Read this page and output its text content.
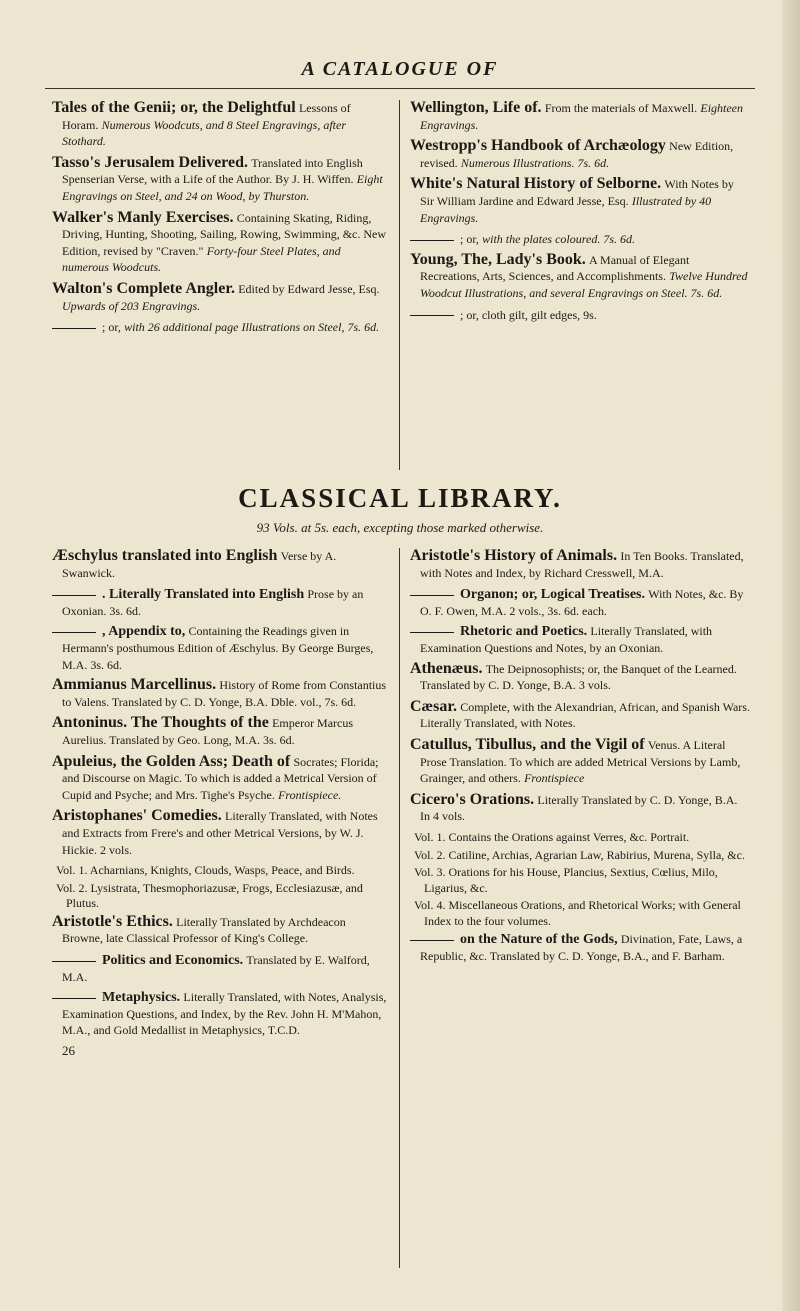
A CATALOGUE OF
Tales of the Genii; or, the Delightful Lessons of Horam. Numerous Woodcuts, and 8 Steel Engravings, after Stothard.
Tasso's Jerusalem Delivered. Translated into English Spenserian Verse, with a Life of the Author. By J. H. Wiffen. Eight Engravings on Steel, and 24 on Wood, by Thurston.
Walker's Manly Exercises. Containing Skating, Riding, Driving, Hunting, Shooting, Sailing, Rowing, Swimming, &c. New Edition, revised by "Craven." Forty-four Steel Plates, and numerous Woodcuts.
Walton's Complete Angler. Edited by Edward Jesse, Esq. Upwards of 203 Engravings.
; or, with 26 additional page Illustrations on Steel, 7s. 6d.
Wellington, Life of. From the materials of Maxwell. Eighteen Engravings.
Westropp's Handbook of Archæology New Edition, revised. Numerous Illustrations. 7s. 6d.
White's Natural History of Selborne. With Notes by Sir William Jardine and Edward Jesse, Esq. Illustrated by 40 Engravings.
; or, with the plates coloured. 7s. 6d.
Young, The, Lady's Book. A Manual of Elegant Recreations, Arts, Sciences, and Accomplishments. Twelve Hundred Woodcut Illustrations, and several Engravings on Steel. 7s. 6d.
; or, cloth gilt, gilt edges, 9s.
CLASSICAL LIBRARY.
93 Vols. at 5s. each, excepting those marked otherwise.
Æschylus translated into English Verse by A. Swanwick.
. Literally Translated into English Prose by an Oxonian. 3s. 6d.
, Appendix to, Containing the Readings given in Hermann's posthumous Edition of Æschylus. By George Burges, M.A. 3s. 6d.
Ammianus Marcellinus. History of Rome from Constantius to Valens. Translated by C. D. Yonge, B.A. Dble. vol., 7s. 6d.
Antoninus. The Thoughts of the Emperor Marcus Aurelius. Translated by Geo. Long, M.A. 3s. 6d.
Apuleius, the Golden Ass; Death of Socrates; Florida; and Discourse on Magic. To which is added a Metrical Version of Cupid and Psyche; and Mrs. Tighe's Psyche. Frontispiece.
Aristophanes' Comedies. Literally Translated, with Notes and Extracts from Frere's and other Metrical Versions, by W. J. Hickie. 2 vols.
Vol. 1. Acharnians, Knights, Clouds, Wasps, Peace, and Birds.
Vol. 2. Lysistrata, Thesmophoriazusæ, Frogs, Ecclesiazusæ, and Plutus.
Aristotle's Ethics. Literally Translated by Archdeacon Browne, late Classical Professor of King's College.
Politics and Economics. Translated by E. Walford, M.A.
Metaphysics. Literally Translated, with Notes, Analysis, Examination Questions, and Index, by the Rev. John H. M'Mahon, M.A., and Gold Medallist in Metaphysics, T.C.D.
26
Aristotle's History of Animals. In Ten Books. Translated, with Notes and Index, by Richard Cresswell, M.A.
Organon; or, Logical Treatises. With Notes, &c. By O. F. Owen, M.A. 2 vols., 3s. 6d. each.
Rhetoric and Poetics. Literally Translated, with Examination Questions and Notes, by an Oxonian.
Athenæus. The Deipnosophists; or, the Banquet of the Learned. Translated by C. D. Yonge, B.A. 3 vols.
Cæsar. Complete, with the Alexandrian, African, and Spanish Wars. Literally Translated, with Notes.
Catullus, Tibullus, and the Vigil of Venus. A Literal Prose Translation. To which are added Metrical Versions by Lamb, Grainger, and others. Frontispiece
Cicero's Orations. Literally Translated by C. D. Yonge, B.A. In 4 vols.
Vol. 1. Contains the Orations against Verres, &c. Portrait.
Vol. 2. Catiline, Archias, Agrarian Law, Rabirius, Murena, Sylla, &c.
Vol. 3. Orations for his House, Plancius, Sextius, Cœlius, Milo, Ligarius, &c.
Vol. 4. Miscellaneous Orations, and Rhetorical Works; with General Index to the four volumes.
on the Nature of the Gods, Divination, Fate, Laws, a Republic, &c. Translated by C. D. Yonge, B.A., and F. Barham.
